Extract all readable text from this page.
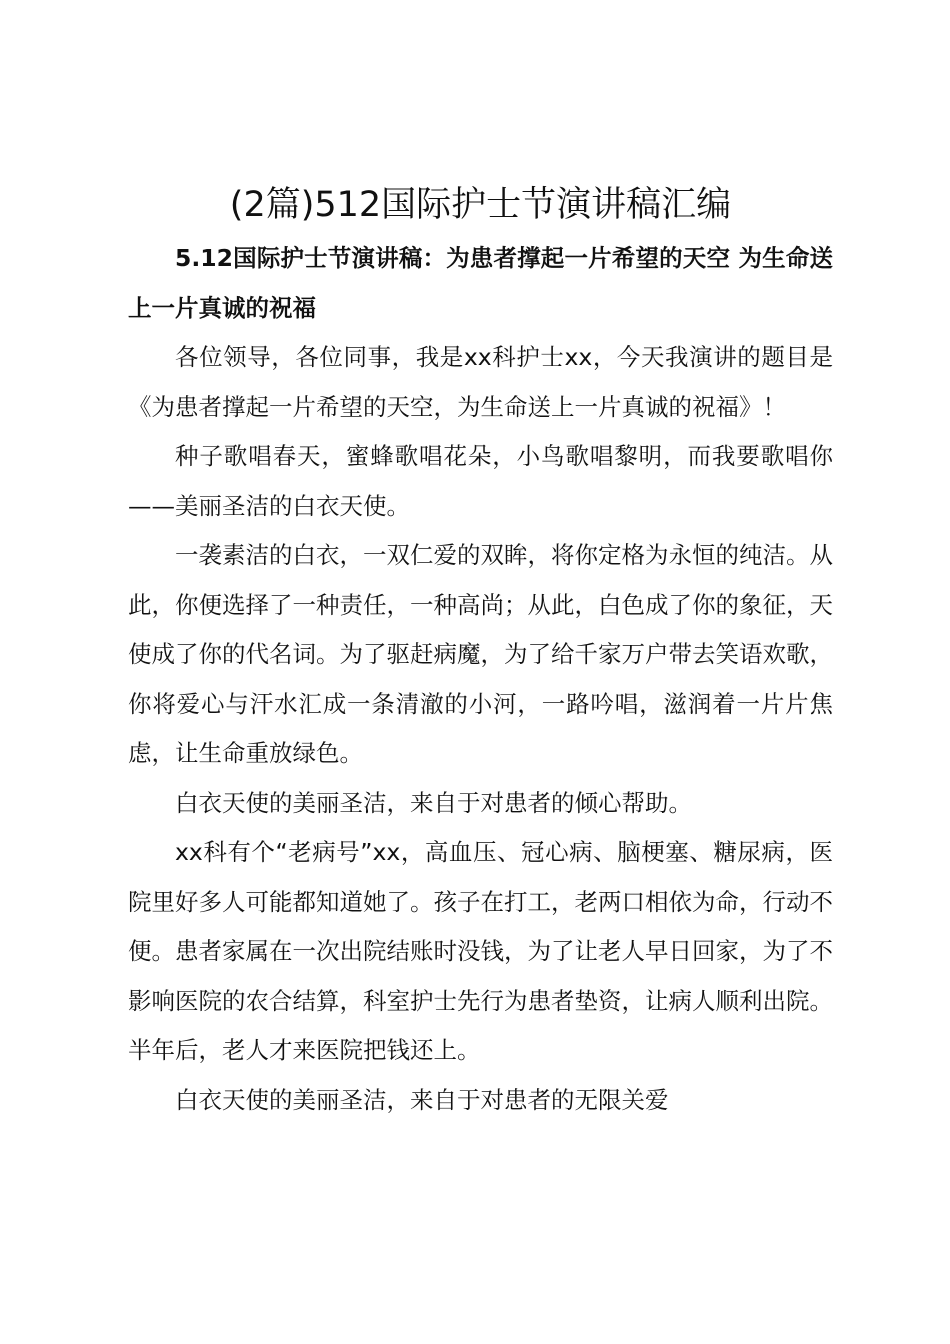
(2篇)512国际护士节演讲稿汇编

5.12国际护士节演讲稿：为患者撑起一片希望的天空 为生命送上一片真诚的祝福

各位领导，各位同事，我是xx科护士xx，今天我演讲的题目是《为患者撑起一片希望的天空，为生命送上一片真诚的祝福》！

种子歌唱春天，蜜蜂歌唱花朵，小鸟歌唱黎明，而我要歌唱你——美丽圣洁的白衣天使。

一袭素洁的白衣，一双仁爱的双眸，将你定格为永恒的纯洁。从此，你便选择了一种责任，一种高尚；从此，白色成了你的象征，天使成了你的代名词。为了驱赶病魔，为了给千家万户带去笑语欢歌，你将爱心与汗水汇成一条清澈的小河，一路吟唱，滋润着一片片焦虑，让生命重放绿色。

白衣天使的美丽圣洁，来自于对患者的倾心帮助。

xx科有个“老病号”xx，高血压、冠心病、脑梗塞、糖尿病，医院里好多人可能都知道她了。孩子在打工，老两口相依为命，行动不便。患者家属在一次出院结账时没钱，为了让老人早日回家，为了不影响医院的农合结算，科室护士先行为患者垫资，让病人顺利出院。半年后，老人才来医院把钱还上。

白衣天使的美丽圣洁，来自于对患者的无限关爱
